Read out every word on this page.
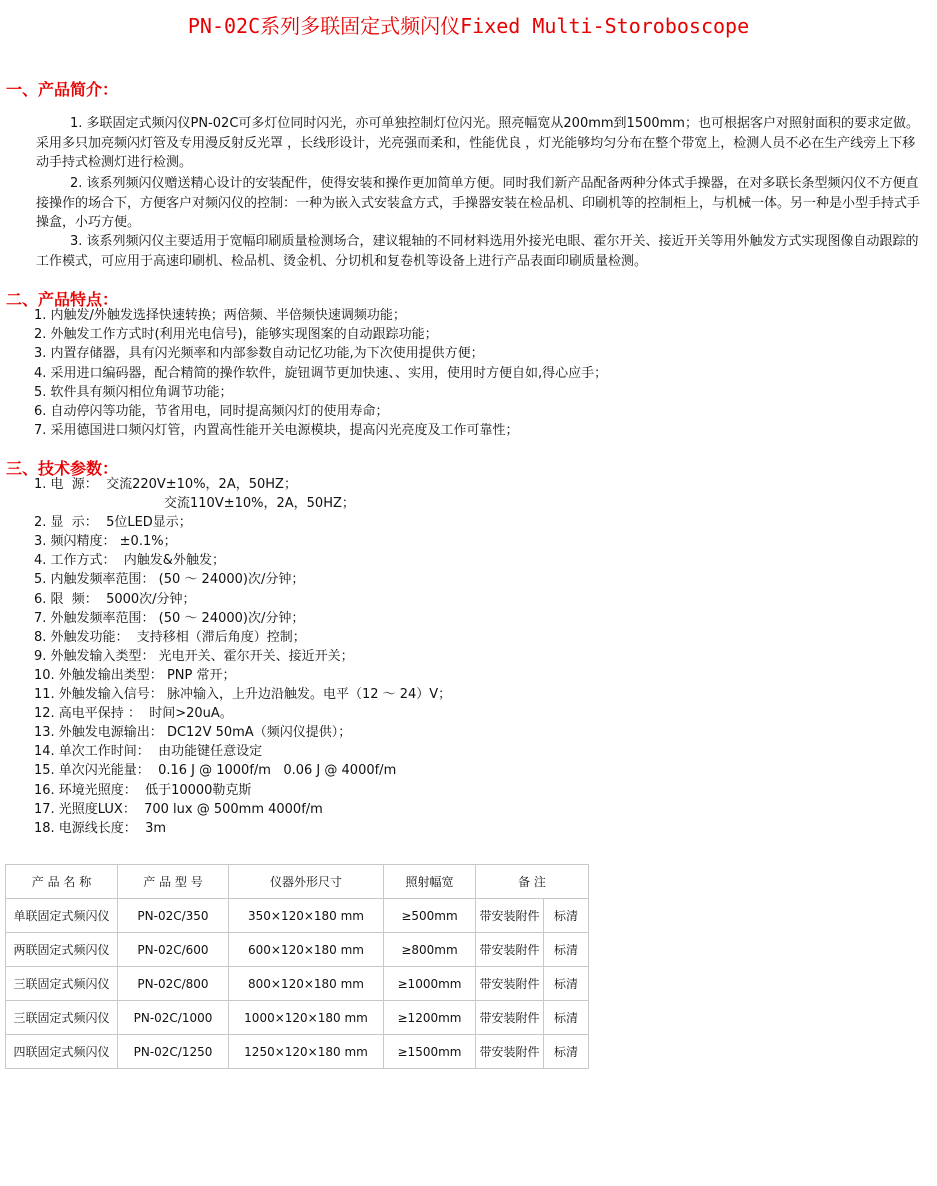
PN-02C系列多联固定式频闪仪Fixed Multi-Storoboscope
一、产品简介：

1. 多联固定式频闪仪PN-02C可多灯位同时闪光，亦可单独控制灯位闪光。照亮幅宽从200mm到1500mm；也可根据客户对照射面积的要求定做。采用多只加亮频闪灯管及专用漫反射反光罩 ，长线形设计，光亮强而柔和，性能优良 ，灯光能够均匀分布在整个带宽上，检测人员不必在生产线旁上下移动手持式检测灯进行检测。

2. 该系列频闪仪赠送精心设计的安装配件，使得安装和操作更加简单方便。同时我们新产品配备两种分体式手操器，在对多联长条型频闪仪不方便直接操作的场合下，方便客户对频闪仪的控制：一种为嵌入式安装盒方式，手操器安装在检品机、印刷机等的控制柜上，与机械一体。另一种是小型手持式手操盒，小巧方便。

3. 该系列频闪仪主要适用于宽幅印刷质量检测场合，建议辊轴的不同材料选用外接光电眼、霍尔开关、接近开关等用外触发方式实现图像自动跟踪的工作模式，可应用于高速印刷机、检品机、烫金机、分切机和复卷机等设备上进行产品表面印刷质量检测。

二、产品特点：
1. 内触发/外触发选择快速转换；两倍频、半倍频快速调频功能；
2. 外触发工作方式时(利用光电信号)，能够实现图案的自动跟踪功能；
3. 内置存储器，具有闪光频率和内部参数自动记忆功能,为下次使用提供方便；
4. 采用进口编码器，配合精简的操作软件，旋钮调节更加快速、、实用，使用时方便自如,得心应手；
5. 软件具有频闪相位角调节功能；
6. 自动停闪等功能，节省用电，同时提高频闪灯的使用寿命；
7. 采用德国进口频闪灯管，内置高性能开关电源模块，提高闪光亮度及工作可靠性；
三、技术参数：
1. 电  源：  交流220V±10%，2A，50HZ；
交流110V±10%，2A，50HZ；
2. 显  示：  5位LED显示；
3. 频闪精度： ±0.1%；
4. 工作方式：  内触发&外触发；
5. 内触发频率范围： (50 ～ 24000)次/分钟；
6. 限  频：  5000次/分钟；
7. 外触发频率范围： (50 ～ 24000)次/分钟；
8. 外触发功能：  支持移相（滞后角度）控制；
9. 外触发输入类型： 光电开关、霍尔开关、接近开关；
10. 外触发输出类型： PNP 常开；
11. 外触发输入信号： 脉冲输入，上升边沿触发。电平（12 ～ 24）V；
12. 高电平保持 ：  时间>20uA。
13. 外触发电源输出： DC12V 50mA（频闪仪提供）；
14. 单次工作时间：  由功能键任意设定
15. 单次闪光能量：  0.16 J @ 1000f/m   0.06 J @ 4000f/m
16. 环境光照度：  低于10000勒克斯
17. 光照度LUX：  700 lux @ 500mm 4000f/m
18. 电源线长度：  3m
产 品 名 称	产 品 型 号	仪器外形尺寸	照射幅宽	备 注	
单联固定式频闪仪	PN-02C/350	350×120×180 mm	≥500mm	带安装附件	标清
两联固定式频闪仪	PN-02C/600	600×120×180 mm	≥800mm	带安装附件	标清
三联固定式频闪仪	PN-02C/800	800×120×180 mm	≥1000mm	带安装附件	标清
三联固定式频闪仪	PN-02C/1000	1000×120×180 mm	≥1200mm	带安装附件	标清
四联固定式频闪仪	PN-02C/1250	1250×120×180 mm	≥1500mm	带安装附件	标清
